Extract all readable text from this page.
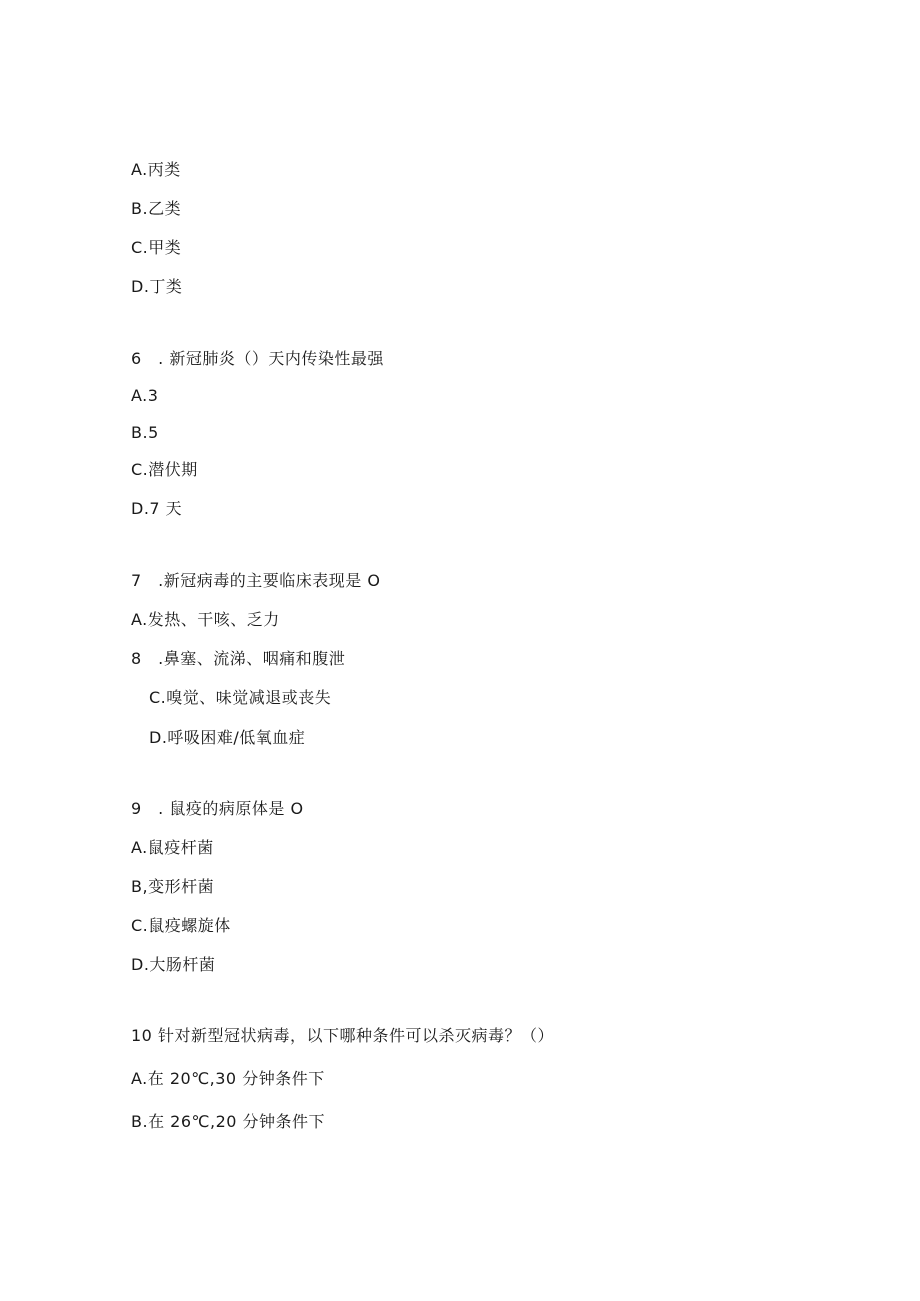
A.丙类
B.乙类
C.甲类
D.丁类
6　. 新冠肺炎（）天内传染性最强
A.3
B.5
C.潜伏期
D.7 天
7　.新冠病毒的主要临床表现是 O
A.发热、干咳、乏力
8　.鼻塞、流涕、咽痛和腹泄
C.嗅觉、味觉减退或丧失
D.呼吸困难/低氧血症
9　. 鼠疫的病原体是 O
A.鼠疫杆菌
B,变形杆菌
C.鼠疫螺旋体
D.大肠杆菌
10 针对新型冠状病毒，以下哪种条件可以杀灭病毒？（）
A.在 20℃,30 分钟条件下
B.在 26℃,20 分钟条件下
